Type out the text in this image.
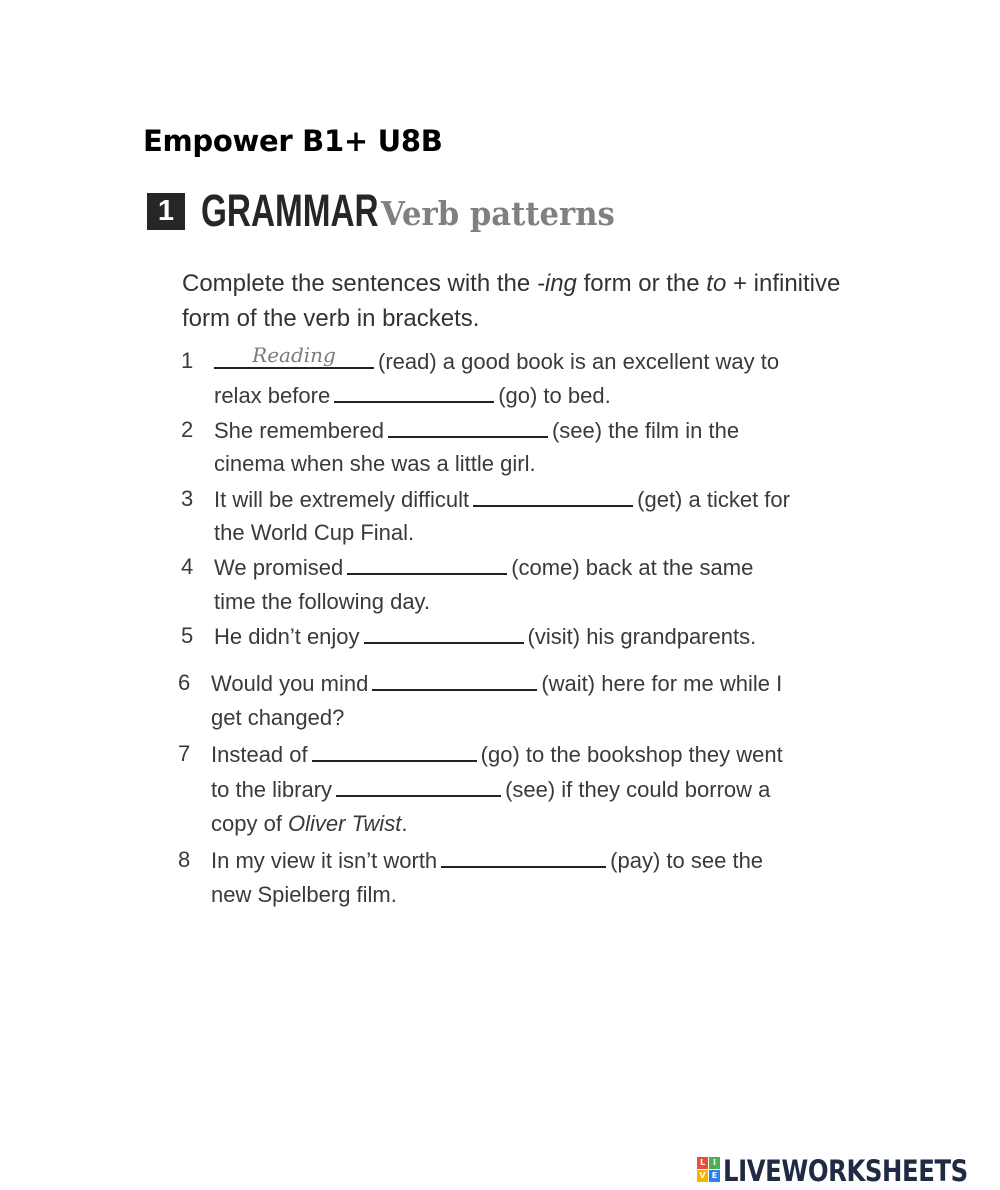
Empower B1+ U8B
1 GRAMMAR Verb patterns
Complete the sentences with the -ing form or the to + infinitive form of the verb in brackets.
1	Reading	(read) a good book is an excellent way to
relax before	(go) to bed.
2 She remembered	(see) the film in the
cinema when she was a little girl.
3 It will be extremely difficult	(get) a ticket for
the World Cup Final.
4 We promised	(come) back at the same
time the following day.
5 He didn’t enjoy	(visit) his grandparents.
6 Would you mind	(wait) here for me while I
get changed?
7 Instead of	(go) to the bookshop they went
to the library	(see) if they could borrow a
copy of Oliver Twist.
8 In my view it isn’t worth	(pay) to see the
new Spielberg film.
L I
V E LIVEWORKSHEETS
